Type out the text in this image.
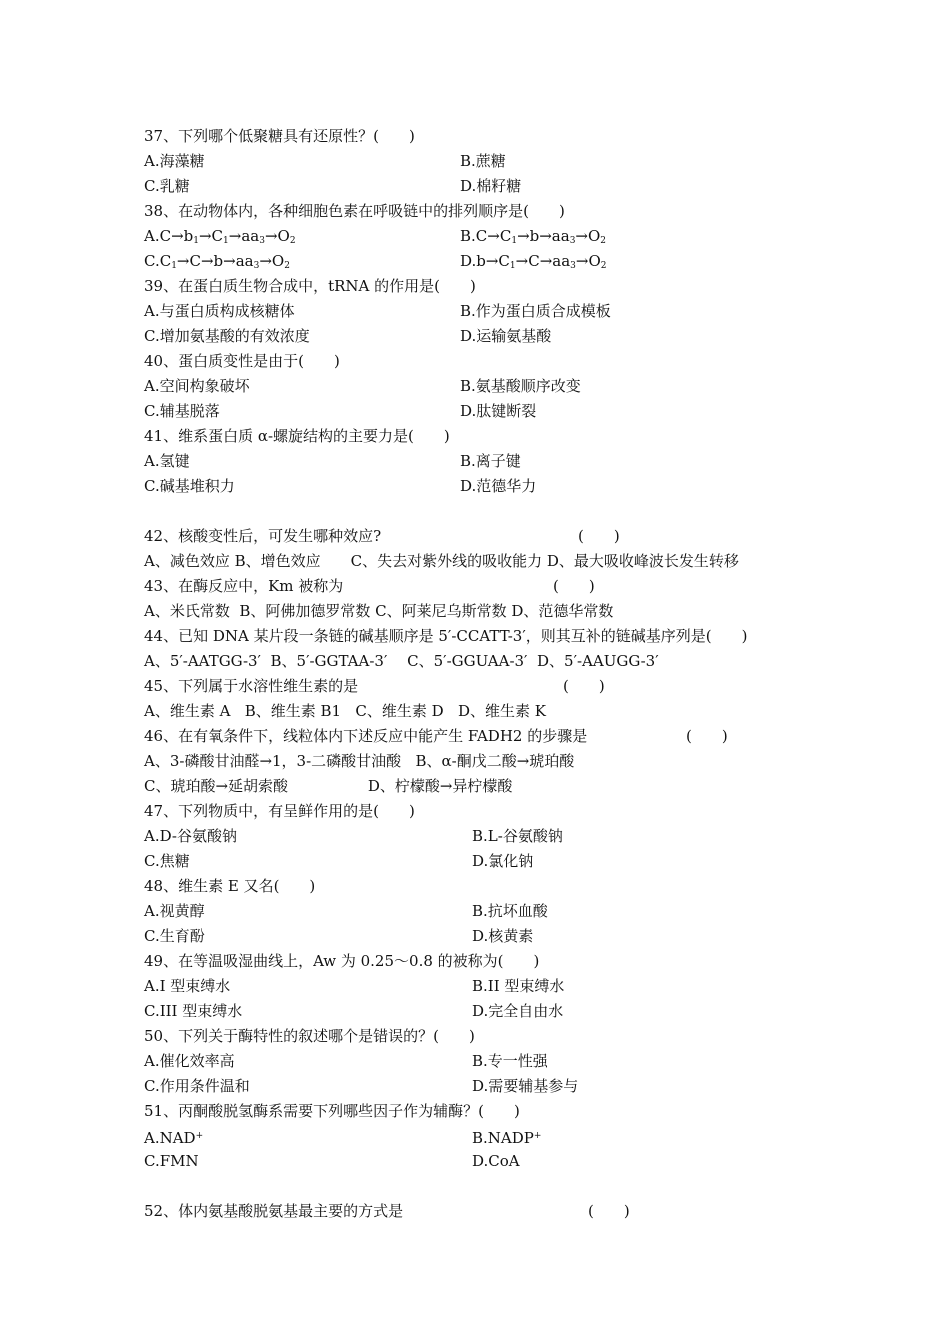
37、下列哪个低聚糖具有还原性？(　　)
A.海藻糖	B.蔗糖
C.乳糖	D.棉籽糖
38、在动物体内，各种细胞色素在呼吸链中的排列顺序是(　　)
$A.C\to b_1\to C_1\to aa_3\to O_2$	$B.C\to C_1\to b\to aa_3\to O_2$
$C.C_1\to C\to b\to aa_3\to O_2$	$D.b\to C_1\to C\to aa_3\to O_2$
39、在蛋白质生物合成中，tRNA 的作用是(　　)
A.与蛋白质构成核糖体	B.作为蛋白质合成模板
C.增加氨基酸的有效浓度	D.运输氨基酸
40、蛋白质变性是由于(　　)
A.空间构象破坏	B.氨基酸顺序改变
C.辅基脱落	D.肽键断裂
41、维系蛋白质 α-螺旋结构的主要力是(　　)
A.氢键	B.离子键
C.碱基堆积力	D.范德华力
42、核酸变性后，可发生哪种效应?	(　　)
A、减色效应 B、增色效应　　C、失去对紫外线的吸收能力 D、最大吸收峰波长发生转移
43、在酶反应中，Km 被称为	(　　)
A、米氏常数  B、阿佛加德罗常数 C、阿莱尼乌斯常数 D、范德华常数
44、已知 DNA 某片段一条链的碱基顺序是 5′-CCATT-3′，则其互补的链碱基序列是(　　)
A、5′-AATGG-3′  B、5′-GGTAA-3′　 C、5′-GGUAA-3′  D、5′-AAUGG-3′
45、下列属于水溶性维生素的是	(　　)
A、维生素 A   B、维生素 B1   C、维生素 D   D、维生素 K
46、在有氧条件下，线粒体内下述反应中能产生 FADH2 的步骤是	(　　)
A、3-磷酸甘油醛→1，3-二磷酸甘油酸   B、α-酮戊二酸→琥珀酸
C、琥珀酸→延胡索酸　　　　　 D、柠檬酸→异柠檬酸
47、下列物质中，有呈鲜作用的是(　　)
A.D-谷氨酸钠	B.L-谷氨酸钠
C.焦糖	D.氯化钠
48、维生素 E 又名(　　)
A.视黄醇	B.抗坏血酸
C.生育酚	D.核黄素
49、在等温吸湿曲线上，Aw 为 0.25～0.8 的被称为(　　)
A.I 型束缚水	B.II 型束缚水
C.III 型束缚水	D.完全自由水
50、下列关于酶特性的叙述哪个是错误的？(　　)
A.催化效率高	B.专一性强
C.作用条件温和	D.需要辅基参与
51、丙酮酸脱氢酶系需要下列哪些因子作为辅酶？(　　)
A.NAD+	B.NADP+
C.FMN	D.CoA
52、体内氨基酸脱氨基最主要的方式是	(　　)
